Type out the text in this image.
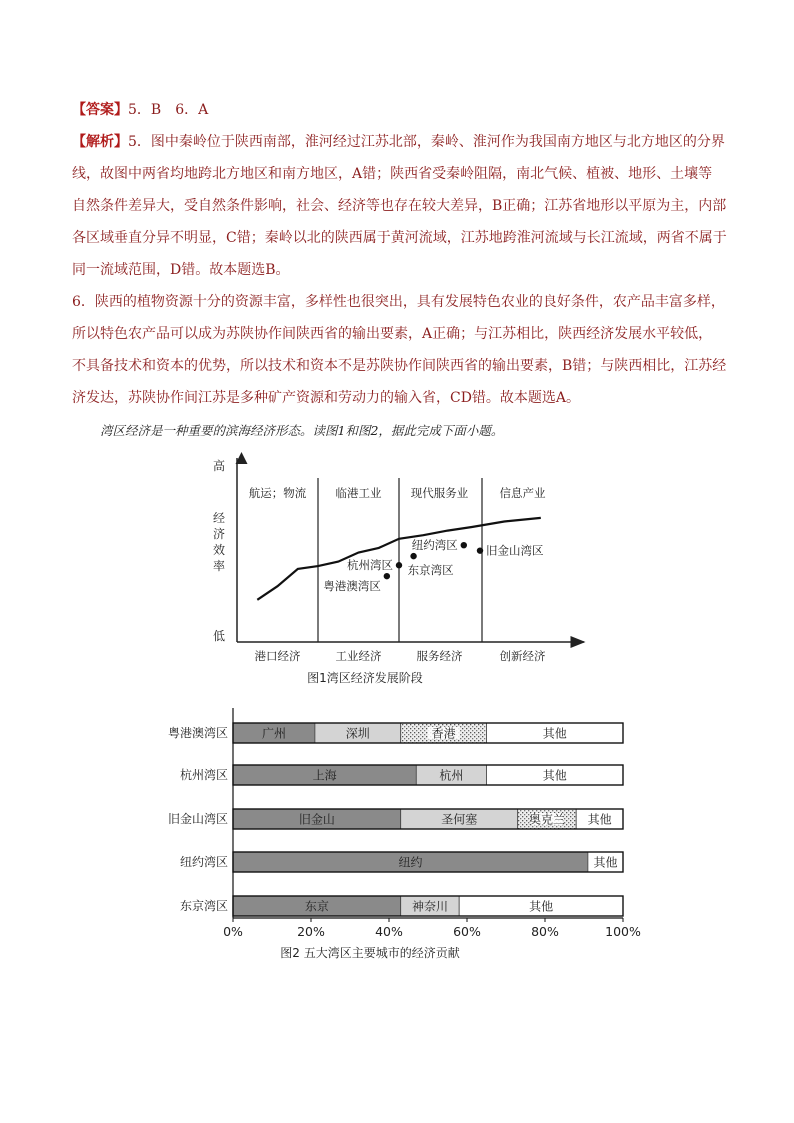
【答案】5．B　6．A

【解析】5．图中秦岭位于陕西南部，淮河经过江苏北部，秦岭、淮河作为我国南方地区与北方地区的分界

线，故图中两省均地跨北方地区和南方地区，A错；陕西省受秦岭阻隔，南北气候、植被、地形、土壤等

自然条件差异大，受自然条件影响，社会、经济等也存在较大差异，B正确；江苏省地形以平原为主，内部

各区域垂直分异不明显，C错；秦岭以北的陕西属于黄河流域，江苏地跨淮河流域与长江流域，两省不属于

同一流域范围，D错。故本题选B。

6．陕西的植物资源十分的资源丰富，多样性也很突出，具有发展特色农业的良好条件，农产品丰富多样，

所以特色农产品可以成为苏陕协作间陕西省的输出要素，A正确；与江苏相比，陕西经济发展水平较低，

不具备技术和资本的优势，所以技术和资本不是苏陕协作间陕西省的输出要素，B错；与陕西相比，江苏经

济发达，苏陕协作间江苏是多种矿产资源和劳动力的输入省，CD错。故本题选A。

湾区经济是一种重要的滨海经济形态。读图1和图2，据此完成下面小题。
高
低
经
济
效
率
航运；物流	临港工业	现代服务业	信息产业
港口经济	工业经济	服务经济	创新经济
粤港澳湾区
杭州湾区 东京湾区
纽约湾区 旧金山湾区
图1湾区经济发展阶段
粤港澳湾区	广州	深圳	香港	其他
杭州湾区	上海	杭州	其他
旧金山湾区	旧金山	圣何塞	奥克兰 其他
纽约湾区	纽约	其他
东京湾区	东京	神奈川	其他
0%	20%	40%	60%	80%	100%
图2 五大湾区主要城市的经济贡献
